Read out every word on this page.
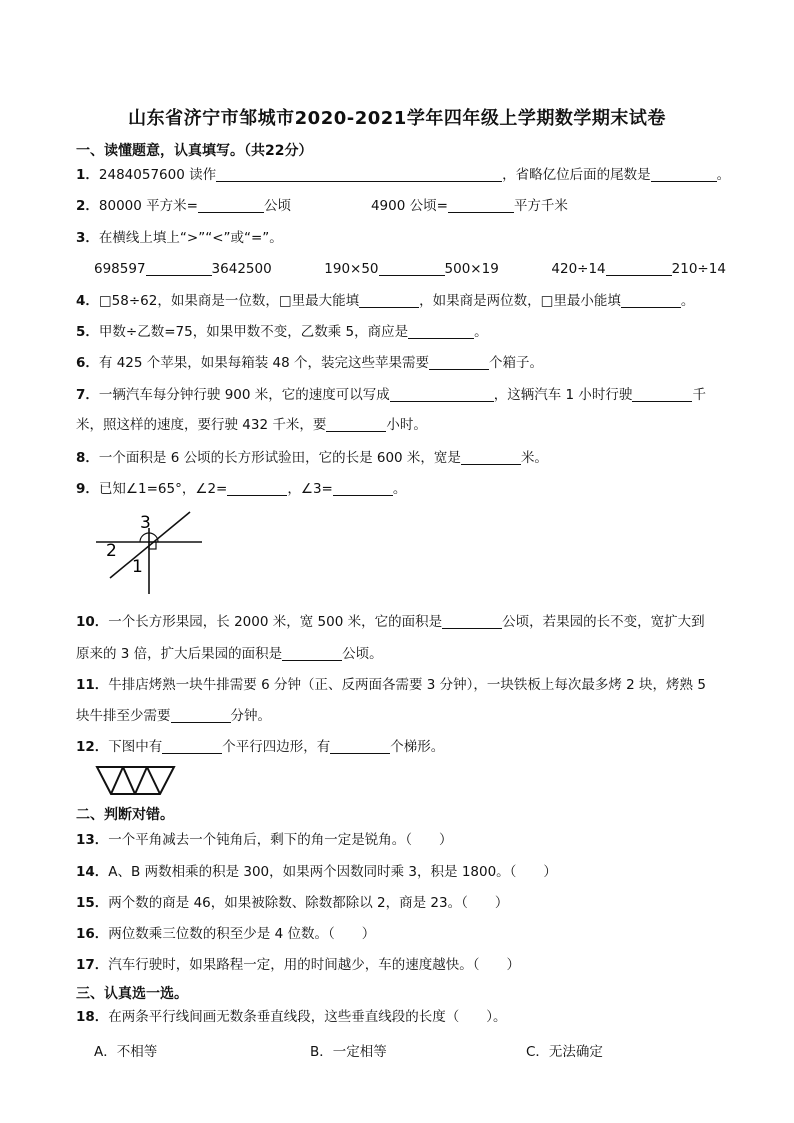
山东省济宁市邹城市2020-2021学年四年级上学期数学期末试卷
一、读懂题意，认真填写。（共22分）
1．2484057600 读作	，省略亿位后面的尾数是	。
2．80000 平方米=	公顷	4900 公顷=	平方千米
3．在横线上填上“>”“<”或“=”。
698597	3642500	190×50	500×19	420÷14	210÷14
4．□58÷62，如果商是一位数，□里最大能填	，如果商是两位数，□里最小能填	。
5．甲数÷乙数=75，如果甲数不变，乙数乘 5，商应是	。
6．有 425 个苹果，如果每箱装 48 个，装完这些苹果需要	个箱子。
7．一辆汽车每分钟行驶 900 米，它的速度可以写成	，这辆汽车 1 小时行驶	千
米，照这样的速度，要行驶 432 千米，要	小时。
8．一个面积是 6 公顷的长方形试验田，它的长是 600 米，宽是	米。
9．已知∠1=65°，∠2=	，∠3=	。
3
2
1
10．一个长方形果园，长 2000 米，宽 500 米，它的面积是	公顷，若果园的长不变，宽扩大到
原来的 3 倍，扩大后果园的面积是	公顷。
11．牛排店烤熟一块牛排需要 6 分钟（正、反两面各需要 3 分钟），一块铁板上每次最多烤 2 块，烤熟 5
块牛排至少需要	分钟。
12．下图中有	个平行四边形，有	个梯形。
二、判断对错。
13．一个平角减去一个钝角后，剩下的角一定是锐角。（　　）
14．A、B 两数相乘的积是 300，如果两个因数同时乘 3，积是 1800。（　　）
15．两个数的商是 46，如果被除数、除数都除以 2，商是 23。（　　）
16．两位数乘三位数的积至少是 4 位数。（　　）
17．汽车行驶时，如果路程一定，用的时间越少，车的速度越快。（　　）
三、认真选一选。
18．在两条平行线间画无数条垂直线段，这些垂直线段的长度（　　）。
A．不相等	B．一定相等	C．无法确定
